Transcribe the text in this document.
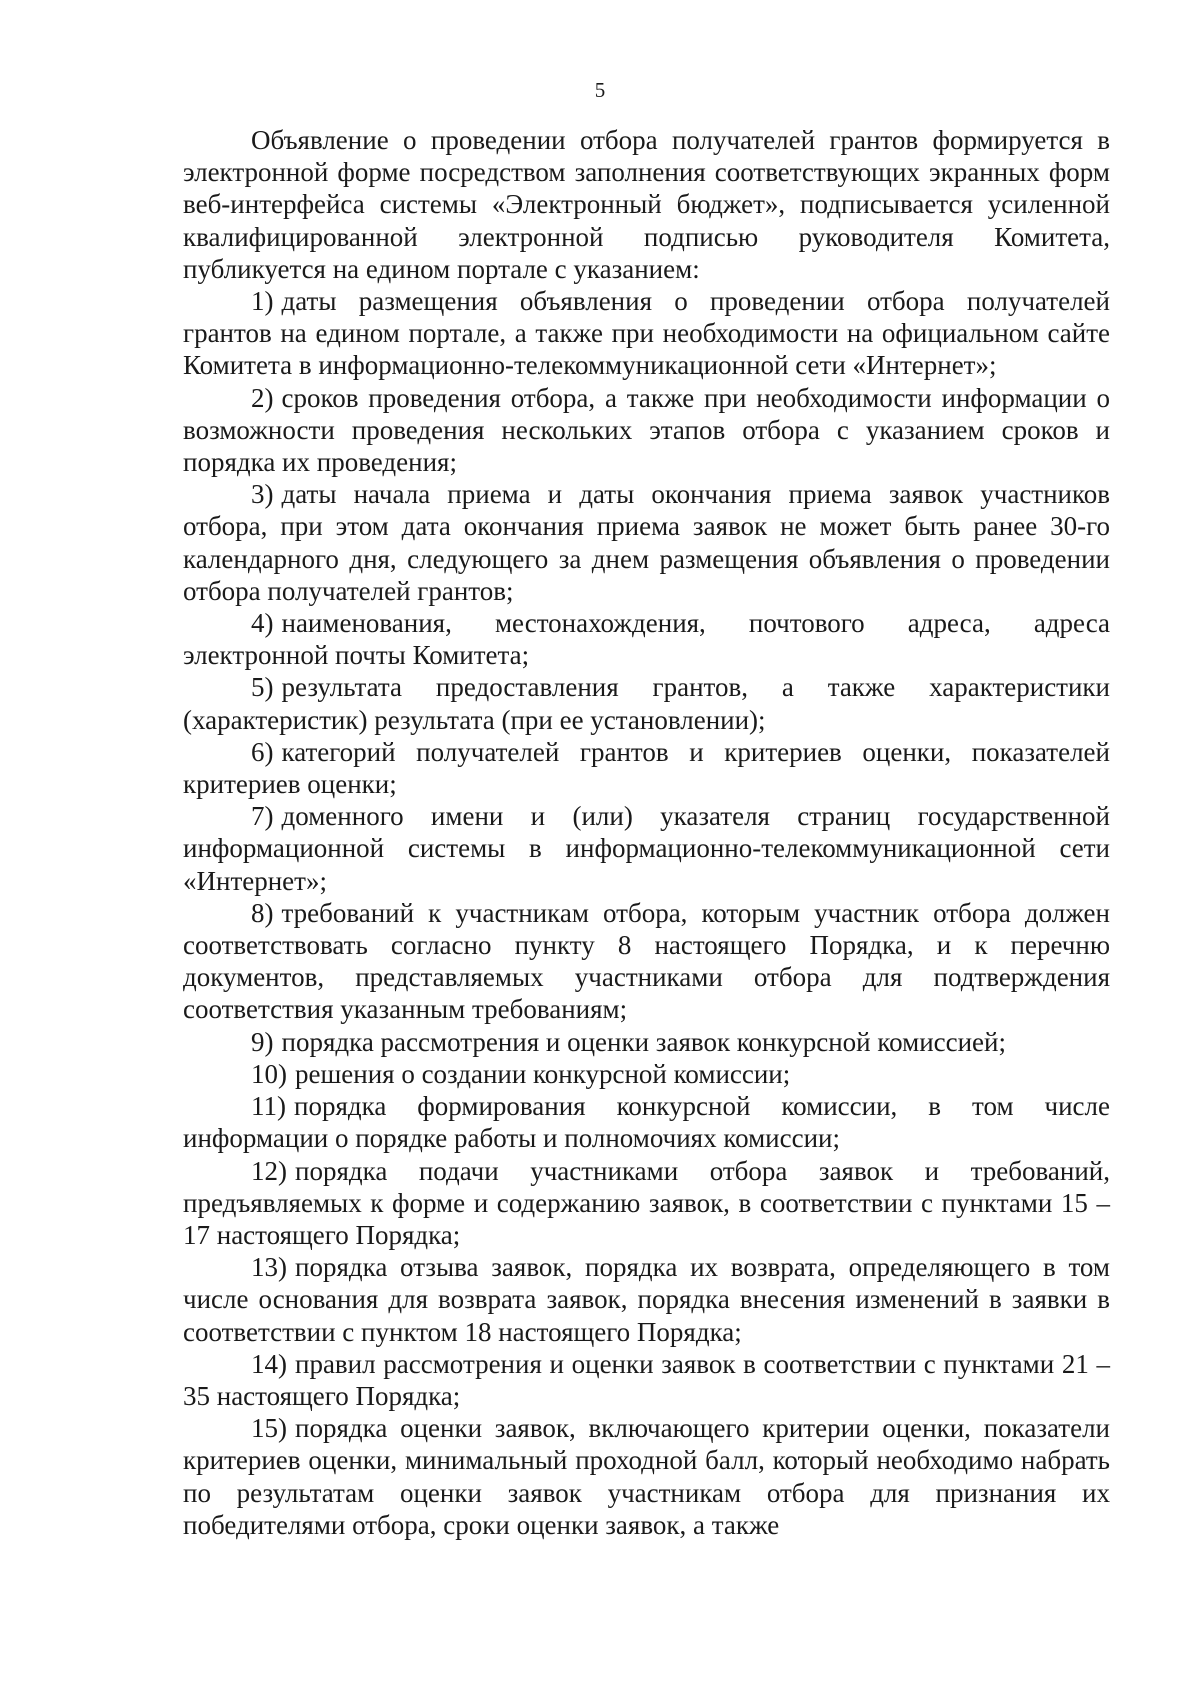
5

Объявление о проведении отбора получателей грантов формируется в электронной форме посредством заполнения соответствующих экранных форм веб-интерфейса системы «Электронный бюджет», подписывается усиленной квалифицированной электронной подписью руководителя Комитета, публикуется на едином портале с указанием:

1) даты размещения объявления о проведении отбора получателей грантов на едином портале, а также при необходимости на официальном сайте Комитета в информационно-телекоммуникационной сети «Интернет»;

2) сроков проведения отбора, а также при необходимости информации о возможности проведения нескольких этапов отбора с указанием сроков и порядка их проведения;

3) даты начала приема и даты окончания приема заявок участников отбора, при этом дата окончания приема заявок не может быть ранее 30-го календарного дня, следующего за днем размещения объявления о проведении отбора получателей грантов;

4) наименования, местонахождения, почтового адреса, адреса электронной почты Комитета;

5) результата предоставления грантов, а также характеристики (характеристик) результата (при ее установлении);

6) категорий получателей грантов и критериев оценки, показателей критериев оценки;

7) доменного имени и (или) указателя страниц государственной информационной системы в информационно-телекоммуникационной сети «Интернет»;

8) требований к участникам отбора, которым участник отбора должен соответствовать согласно пункту 8 настоящего Порядка, и к перечню документов, представляемых участниками отбора для подтверждения соответствия указанным требованиям;

9) порядка рассмотрения и оценки заявок конкурсной комиссией;

10) решения о создании конкурсной комиссии;

11) порядка формирования конкурсной комиссии, в том числе информации о порядке работы и полномочиях комиссии;

12) порядка подачи участниками отбора заявок и требований, предъявляемых к форме и содержанию заявок, в соответствии с пунктами 15 – 17 настоящего Порядка;

13) порядка отзыва заявок, порядка их возврата, определяющего в том числе основания для возврата заявок, порядка внесения изменений в заявки в соответствии с пунктом 18 настоящего Порядка;

14) правил рассмотрения и оценки заявок в соответствии с пунктами 21 – 35 настоящего Порядка;

15) порядка оценки заявок, включающего критерии оценки, показатели критериев оценки, минимальный проходной балл, который необходимо набрать по результатам оценки заявок участникам отбора для признания их победителями отбора, сроки оценки заявок, а также
